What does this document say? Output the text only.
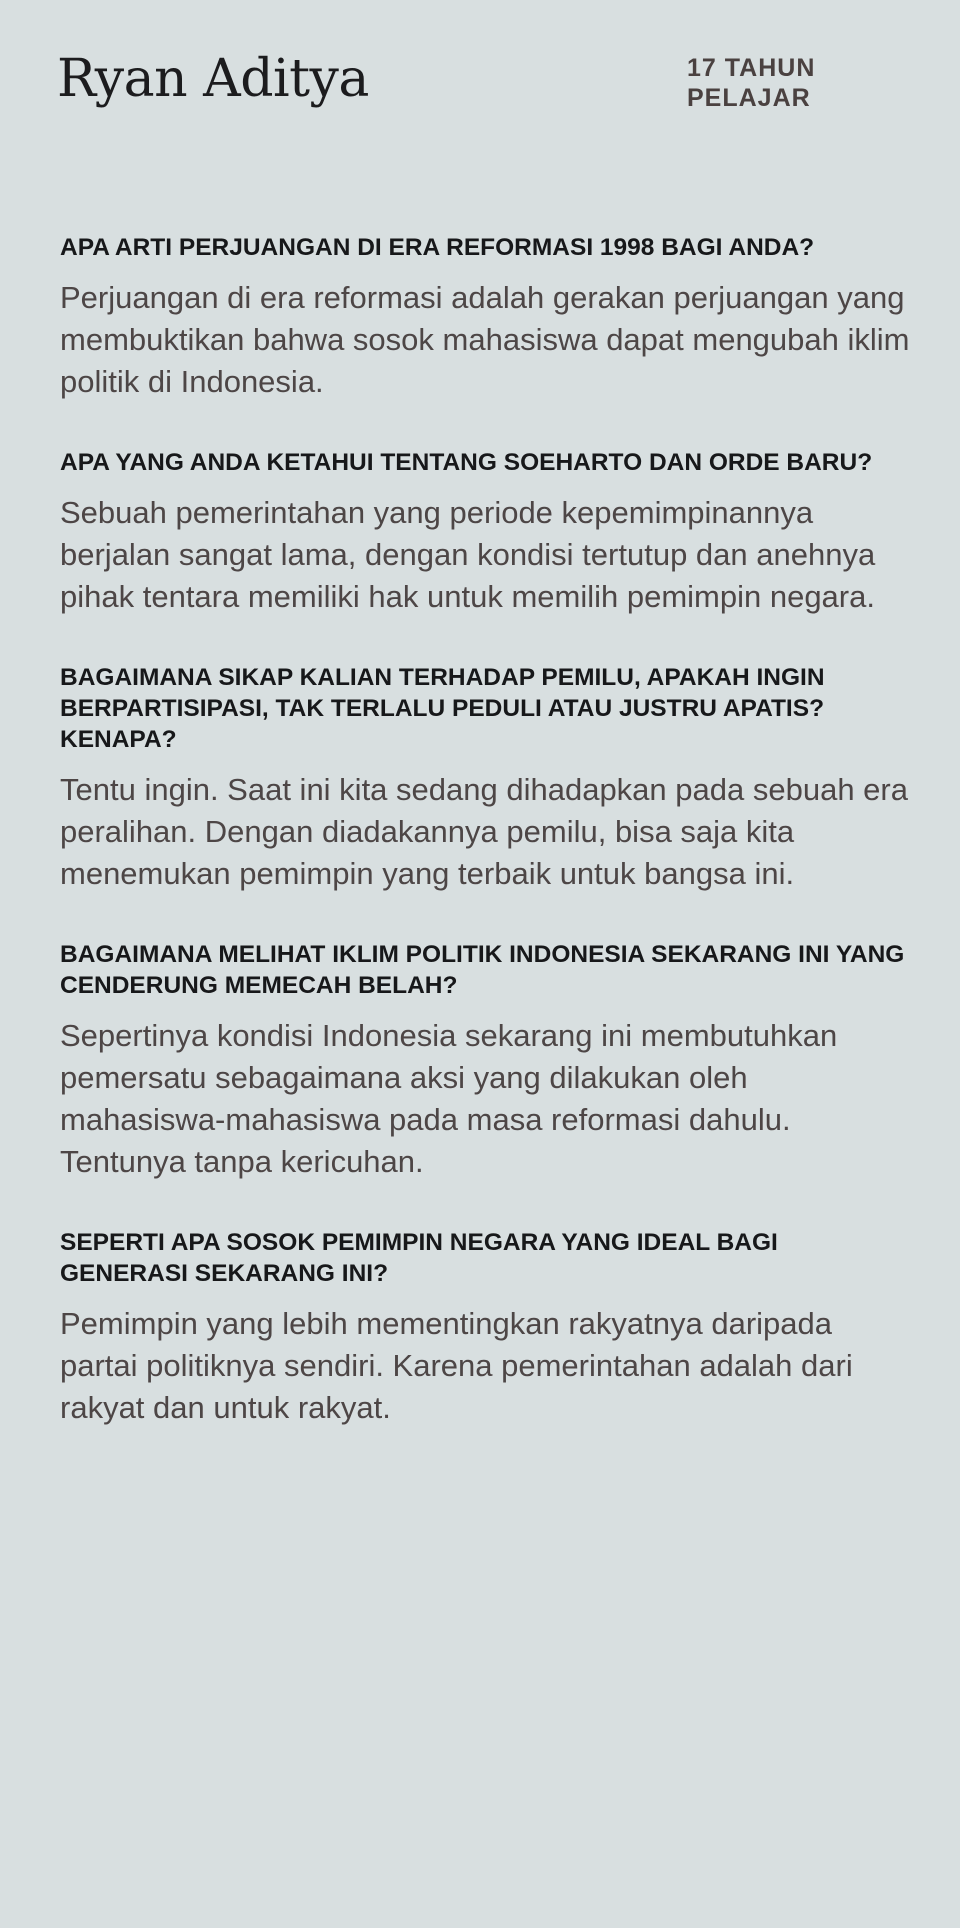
Ryan Aditya	17 TAHUN
PELAJAR
APA ARTI PERJUANGAN DI ERA REFORMASI 1998 BAGI ANDA?

Perjuangan di era reformasi adalah gerakan perjuangan yang membuktikan bahwa sosok mahasiswa dapat mengubah iklim politik di Indonesia.

APA YANG ANDA KETAHUI TENTANG SOEHARTO DAN ORDE BARU?

Sebuah pemerintahan yang periode kepemimpinannya berjalan sangat lama, dengan kondisi tertutup dan anehnya pihak tentara memiliki hak untuk memilih pemimpin negara.

BAGAIMANA SIKAP KALIAN TERHADAP PEMILU, APAKAH INGIN BERPARTISIPASI, TAK TERLALU PEDULI ATAU JUSTRU APATIS? KENAPA?

Tentu ingin. Saat ini kita sedang dihadapkan pada sebuah era peralihan. Dengan diadakannya pemilu, bisa saja kita menemukan pemimpin yang terbaik untuk bangsa ini.

BAGAIMANA MELIHAT IKLIM POLITIK INDONESIA SEKARANG INI YANG CENDERUNG MEMECAH BELAH?

Sepertinya kondisi Indonesia sekarang ini membutuhkan pemersatu sebagaimana aksi yang dilakukan oleh mahasiswa-mahasiswa pada masa reformasi dahulu. Tentunya tanpa kericuhan.

SEPERTI APA SOSOK PEMIMPIN NEGARA YANG IDEAL BAGI GENERASI SEKARANG INI?

Pemimpin yang lebih mementingkan rakyatnya daripada partai politiknya sendiri. Karena pemerintahan adalah dari rakyat dan untuk rakyat.
